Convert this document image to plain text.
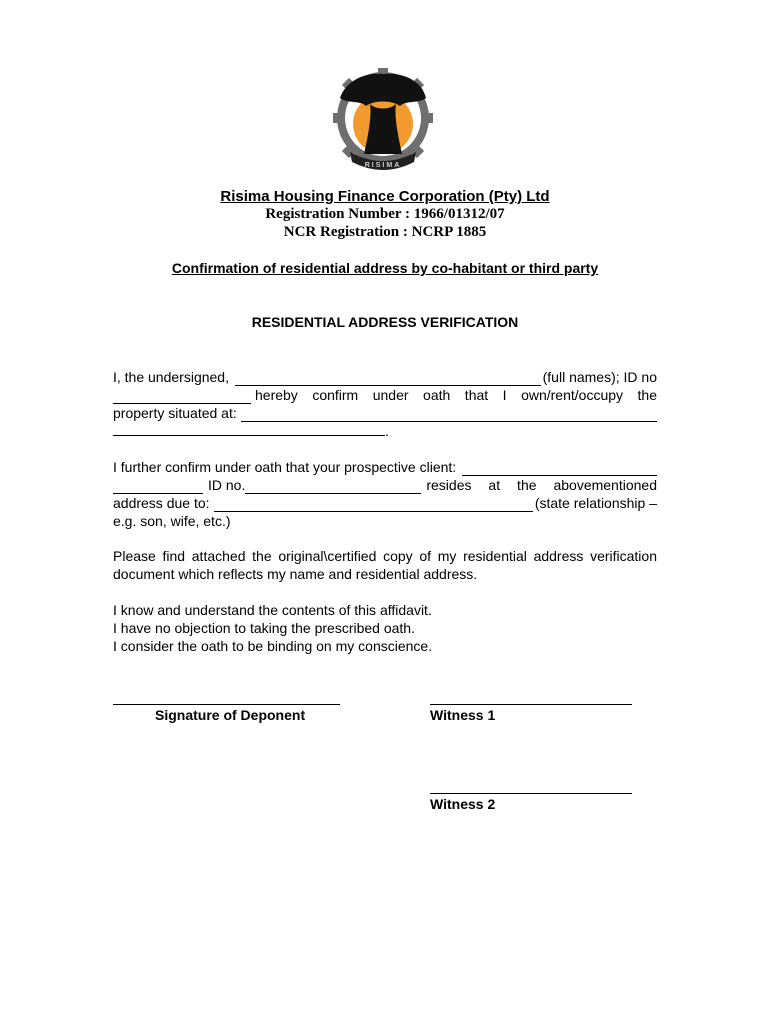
RISIMA
Risima Housing Finance Corporation (Pty) Ltd
Registration Number : 1966/01312/07
NCR Registration : NCRP 1885
Confirmation of residential address by co-habitant or third party
RESIDENTIAL ADDRESS VERIFICATION
I, the undersigned,	(full names); ID no
hereby confirm under oath that I own/rent/occupy the
property situated at:
.
I further confirm under oath that your prospective client:
ID no.	resides at the abovementioned
address due to:	(state relationship –
e.g. son, wife, etc.)
Please find attached the original\certified copy of my residential address verification document which reflects my name and residential address.
I know and understand the contents of this affidavit.
I have no objection to taking the prescribed oath.
I consider the oath to be binding on my conscience.
Signature of Deponent	Witness 1
Witness 2
